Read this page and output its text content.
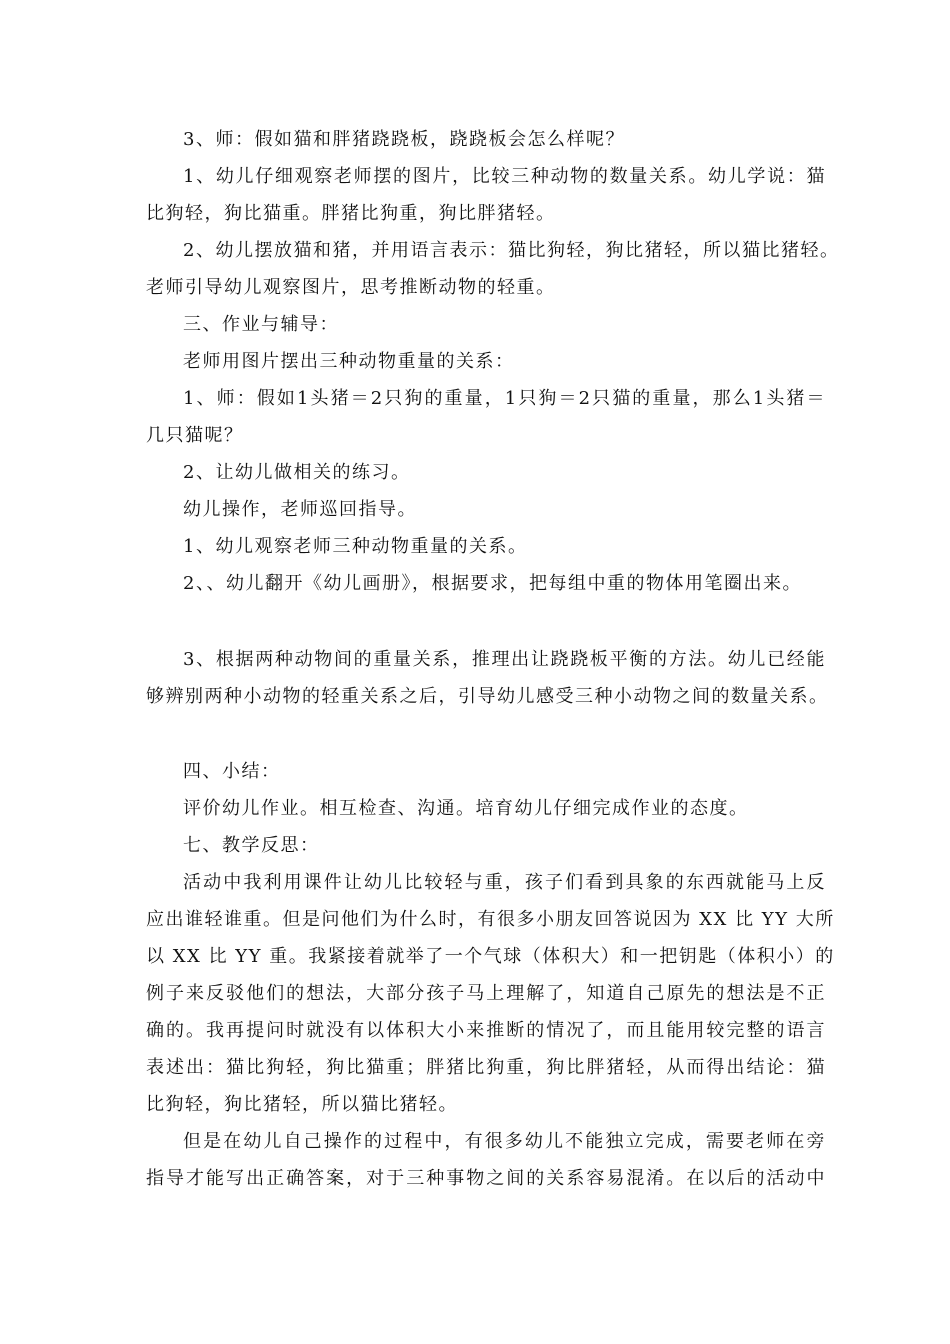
3、师：假如猫和胖猪跷跷板，跷跷板会怎么样呢？
1、幼儿仔细观察老师摆的图片，比较三种动物的数量关系。幼儿学说：猫
比狗轻，狗比猫重。胖猪比狗重，狗比胖猪轻。
2、幼儿摆放猫和猪，并用语言表示：猫比狗轻，狗比猪轻，所以猫比猪轻。
老师引导幼儿观察图片，思考推断动物的轻重。
三、作业与辅导：
老师用图片摆出三种动物重量的关系：
1、师：假如1头猪＝2只狗的重量，1只狗＝2只猫的重量，那么1头猪＝
几只猫呢？
2、让幼儿做相关的练习。
幼儿操作，老师巡回指导。
1、幼儿观察老师三种动物重量的关系。
2、、幼儿翻开《幼儿画册》，根据要求，把每组中重的物体用笔圈出来。
3、根据两种动物间的重量关系，推理出让跷跷板平衡的方法。幼儿已经能
够辨别两种小动物的轻重关系之后，引导幼儿感受三种小动物之间的数量关系。
四、小结：
评价幼儿作业。相互检查、沟通。培育幼儿仔细完成作业的态度。
七、教学反思：
活动中我利用课件让幼儿比较轻与重，孩子们看到具象的东西就能马上反
应出谁轻谁重。但是问他们为什么时，有很多小朋友回答说因为 XX 比 YY 大所
以 XX 比 YY 重。我紧接着就举了一个气球（体积大）和一把钥匙（体积小）的
例子来反驳他们的想法，大部分孩子马上理解了，知道自己原先的想法是不正
确的。我再提问时就没有以体积大小来推断的情况了，而且能用较完整的语言
表述出：猫比狗轻，狗比猫重；胖猪比狗重，狗比胖猪轻，从而得出结论：猫
比狗轻，狗比猪轻，所以猫比猪轻。
但是在幼儿自己操作的过程中，有很多幼儿不能独立完成，需要老师在旁
指导才能写出正确答案，对于三种事物之间的关系容易混淆。在以后的活动中
